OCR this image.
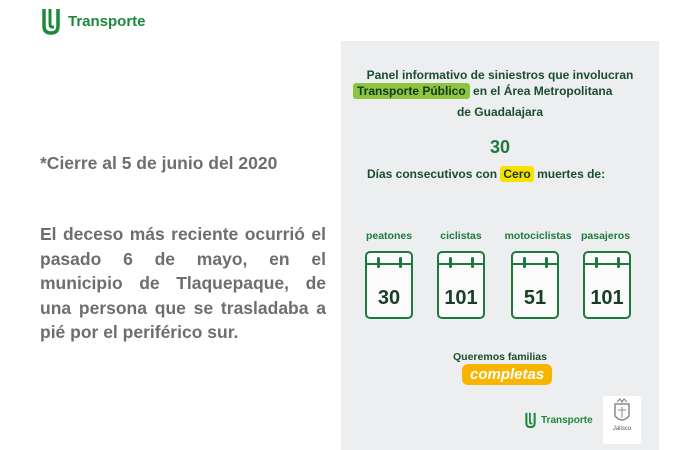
Transporte
*Cierre al 5 de junio del 2020
El deceso más reciente ocurrió el pasado 6 de mayo, en el municipio de Tlaquepaque, de una persona que se trasladaba a pié por el periférico sur.
Panel informativo de siniestros que involucran
Transporte Público en el Área Metropolitana
de Guadalajara
30
Días consecutivos con Cero muertes de:
peatones	ciclistas	motociclistas pasajeros
30	101	51	101
Queremos familias
completas
Transporte
Jalisco
